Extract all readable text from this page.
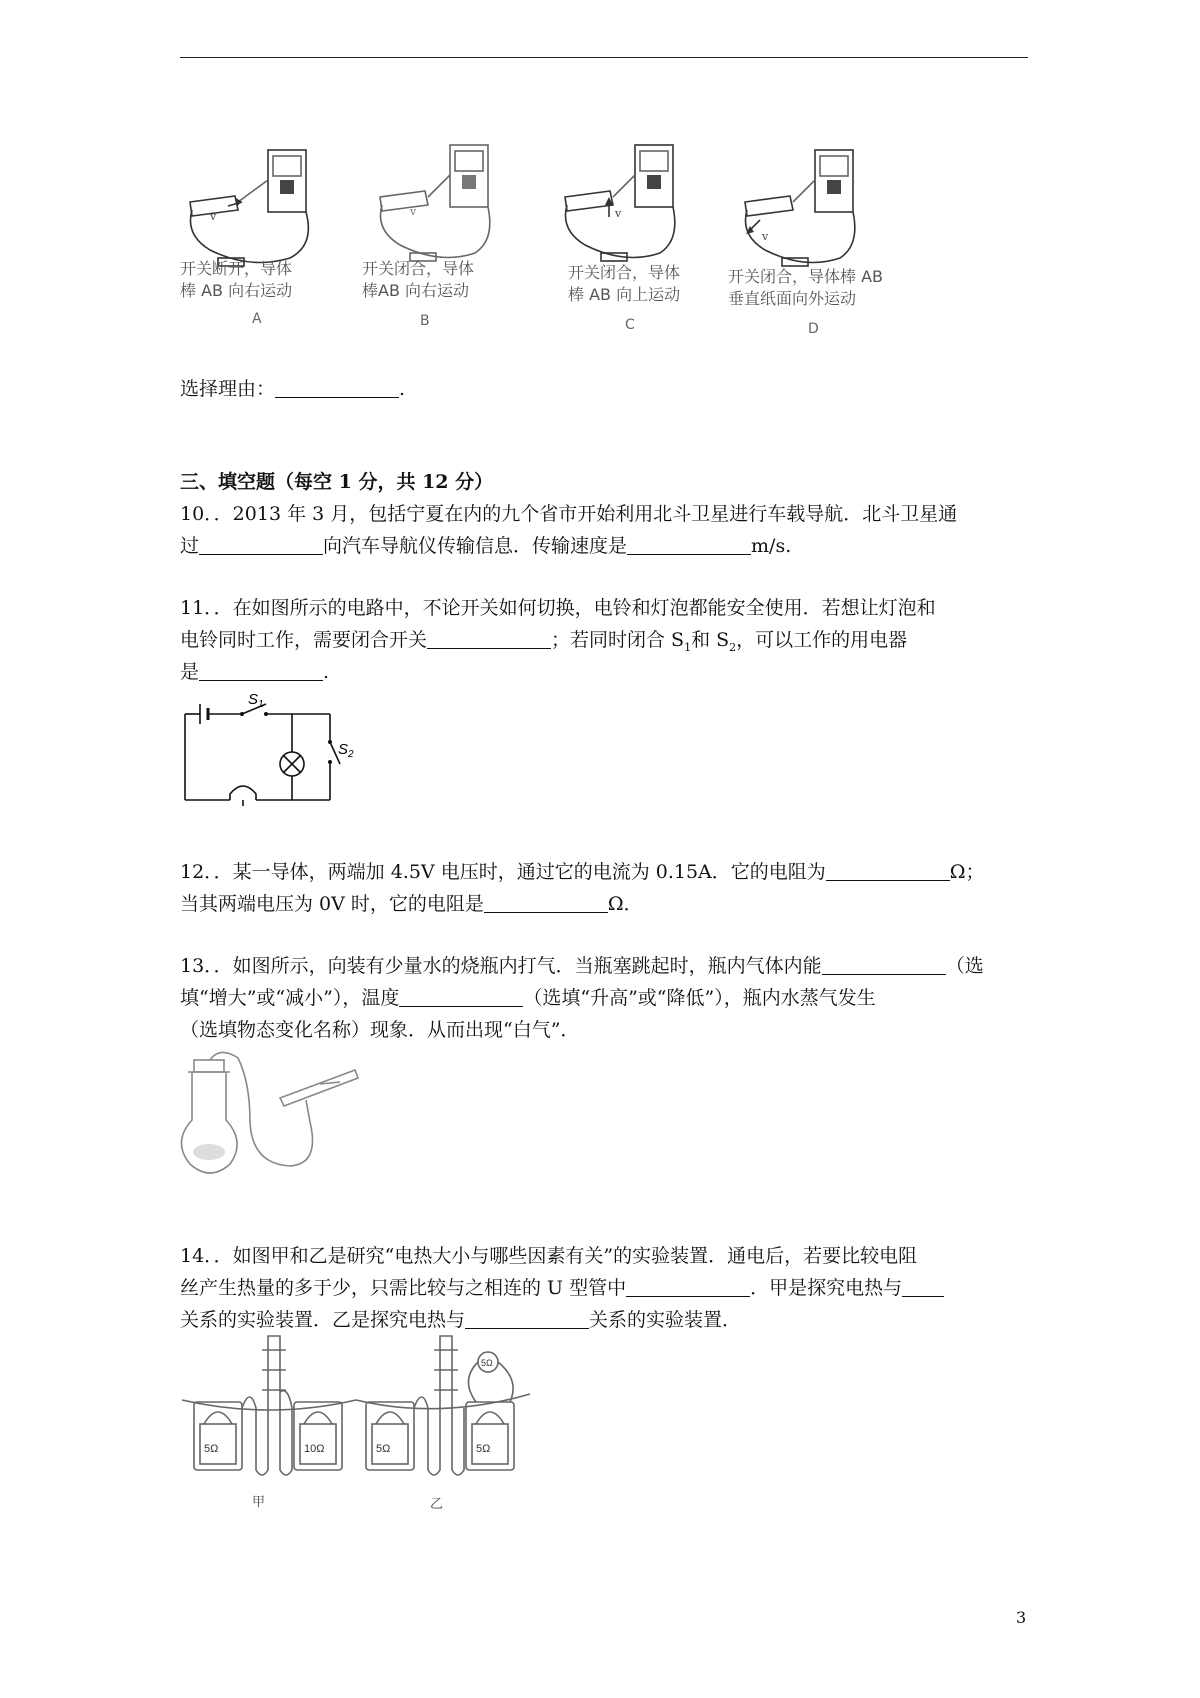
v
开关断开，导体
棒 AB 向右运动
A
v
开关闭合，导体
棒AB 向右运动
B
v
开关闭合，导体
棒 AB 向上运动
C
v
开关闭合，导体棒 AB
垂直纸面向外运动
D
选择理由：	.
三、填空题（每空 1 分，共 12 分）
10．．2013 年 3 月，包括宁夏在内的九个省市开始利用北斗卫星进行车载导航．北斗卫星通
过	向汽车导航仪传输信息．传输速度是	m/s.
11．．在如图所示的电路中，不论开关如何切换，电铃和灯泡都能安全使用．若想让灯泡和
电铃同时工作，需要闭合开关	；若同时闭合 $S_1$和 $S_2$，可以工作的用电器
是	.
S 1
S 2
12．．某一导体，两端加 4.5V 电压时，通过它的电流为 0.15A．它的电阻为	Ω；
当其两端电压为 0V 时，它的电阻是	Ω．
13．．如图所示，向装有少量水的烧瓶内打气．当瓶塞跳起时，瓶内气体内能	（选
填“增大”或“减小”），温度	（选填“升高”或“降低”），瓶内水蒸气发生
（选填物态变化名称）现象．从而出现“白气”．
14．．如图甲和乙是研究“电热大小与哪些因素有关”的实验装置．通电后，若要比较电阻
丝产生热量的多于少，只需比较与之相连的 U 型管中	．甲是探究电热与
关系的实验装置．乙是探究电热与	关系的实验装置．
5Ω	10Ω
甲
5Ω	5Ω
5Ω
乙
3
